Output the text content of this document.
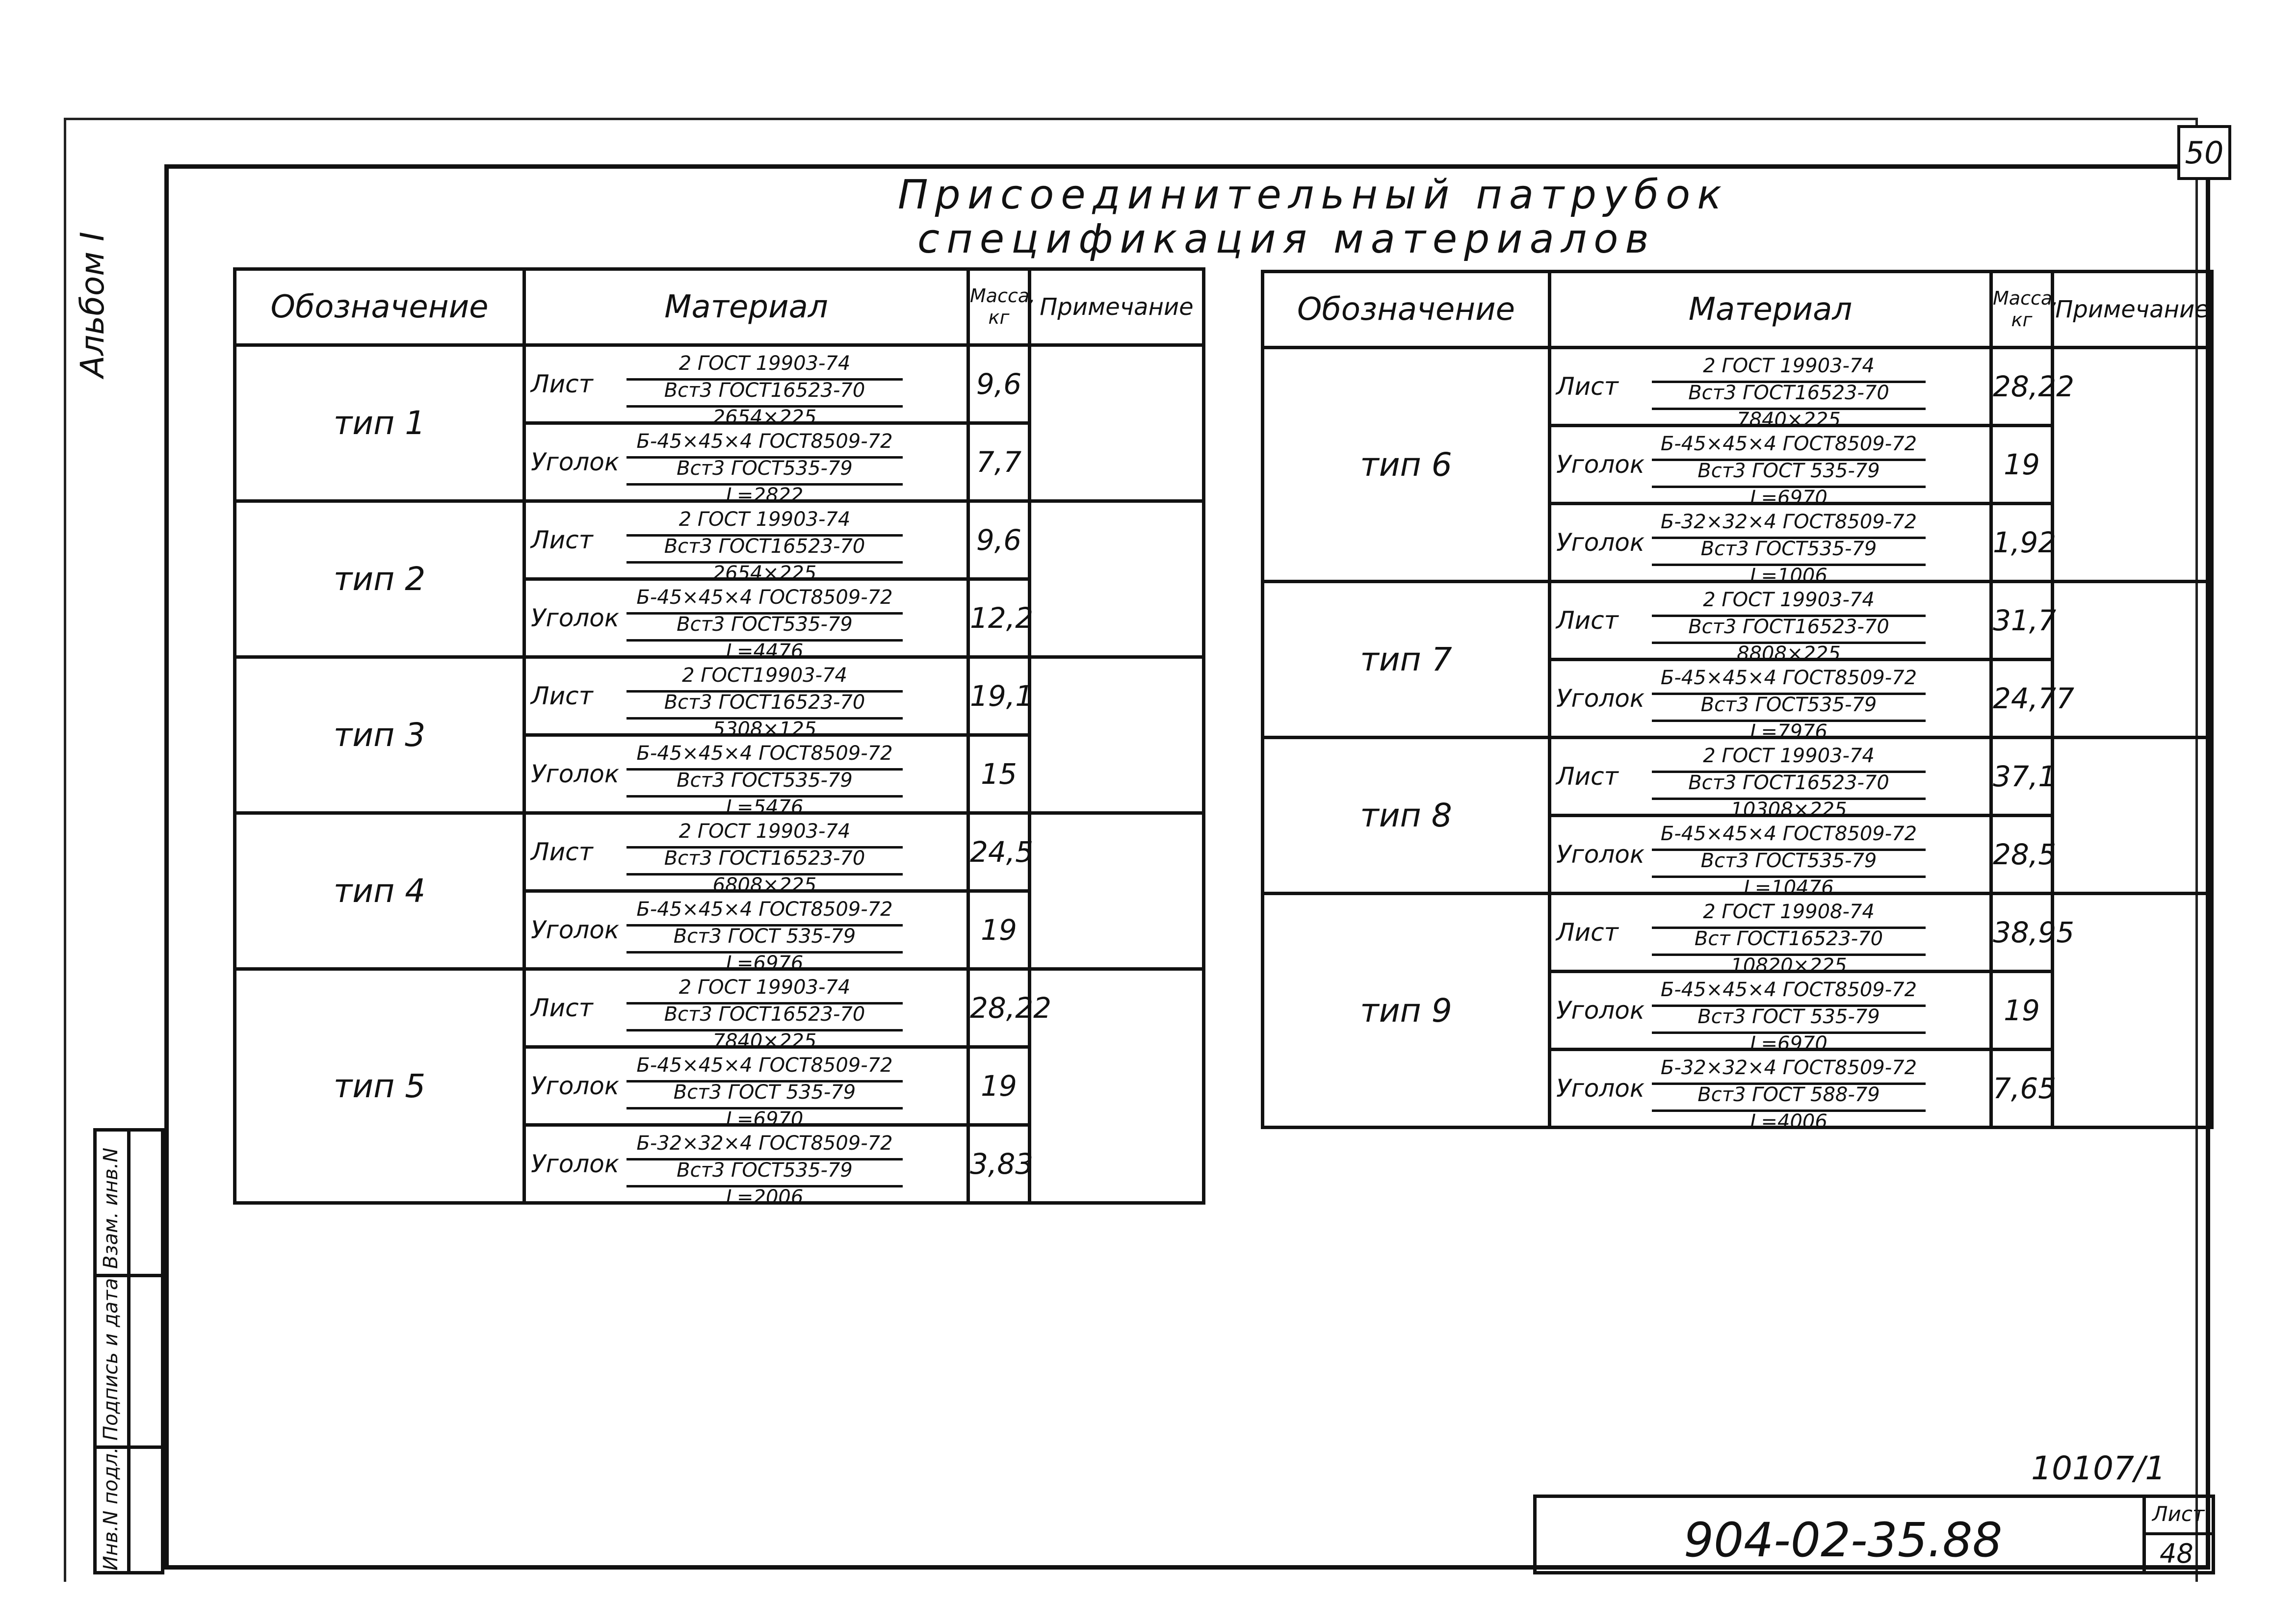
50
Альбом I
Присоединительный патрубок
спецификация материалов
Обозначение	Материал	Масса,
кг	Примечание
тип 1	Лист
2 ГОСТ 19903-74
Вст3 ГОСТ16523-70
2654×225	9,6	

	Уголок
Б-45×45×4 ГОСТ8509-72
Вст3 ГОСТ535-79
L=2822	7,7	
тип 2	Лист
2 ГОСТ 19903-74
Вст3 ГОСТ16523-70
2654×225	9,6	

	Уголок
Б-45×45×4 ГОСТ8509-72
Вст3 ГОСТ535-79
L=4476	12,2	
тип 3	Лист
2 ГОСТ19903-74
Вст3 ГОСТ16523-70
5308×125	19,1	

	Уголок
Б-45×45×4 ГОСТ8509-72
Вст3 ГОСТ535-79
L=5476	15	
тип 4	Лист
2 ГОСТ 19903-74
Вст3 ГОСТ16523-70
6808×225	24,5	

	Уголок
Б-45×45×4 ГОСТ8509-72
Вст3 ГОСТ 535-79
L=6976	19	
тип 5	Лист
2 ГОСТ 19903-74
Вст3 ГОСТ16523-70
7840×225	28,22	

	Уголок
Б-45×45×4 ГОСТ8509-72
Вст3 ГОСТ 535-79
L=6970	19	

	Уголок
Б-32×32×4 ГОСТ8509-72
Вст3 ГОСТ535-79
L=2006	3,83	
Обозначение	Материал	Масса,
кг	Примечание
тип 6	Лист
2 ГОСТ 19903-74
Вст3 ГОСТ16523-70
7840×225	28,22	

	Уголок
Б-45×45×4 ГОСТ8509-72
Вст3 ГОСТ 535-79
L=6970	19	

	Уголок
Б-32×32×4 ГОСТ8509-72
Вст3 ГОСТ535-79
L=1006	1,92	
тип 7	Лист
2 ГОСТ 19903-74
Вст3 ГОСТ16523-70
8808×225	31,7	

	Уголок
Б-45×45×4 ГОСТ8509-72
Вст3 ГОСТ535-79
L=7976	24,77	
тип 8	Лист
2 ГОСТ 19903-74
Вст3 ГОСТ16523-70
10308×225	37,1	

	Уголок
Б-45×45×4 ГОСТ8509-72
Вст3 ГОСТ535-79
L=10476	28,5	
тип 9	Лист
2 ГОСТ 19908-74
Вст ГОСТ16523-70
10820×225	38,95	

	Уголок
Б-45×45×4 ГОСТ8509-72
Вст3 ГОСТ 535-79
L=6970	19	

	Уголок
Б-32×32×4 ГОСТ8509-72
Вст3 ГОСТ 588-79
L=4006	7,65	
Инв.N подл.
Подпись и дата
Взам. инв.N
10107/1
904-02-35.88	Лист
48
